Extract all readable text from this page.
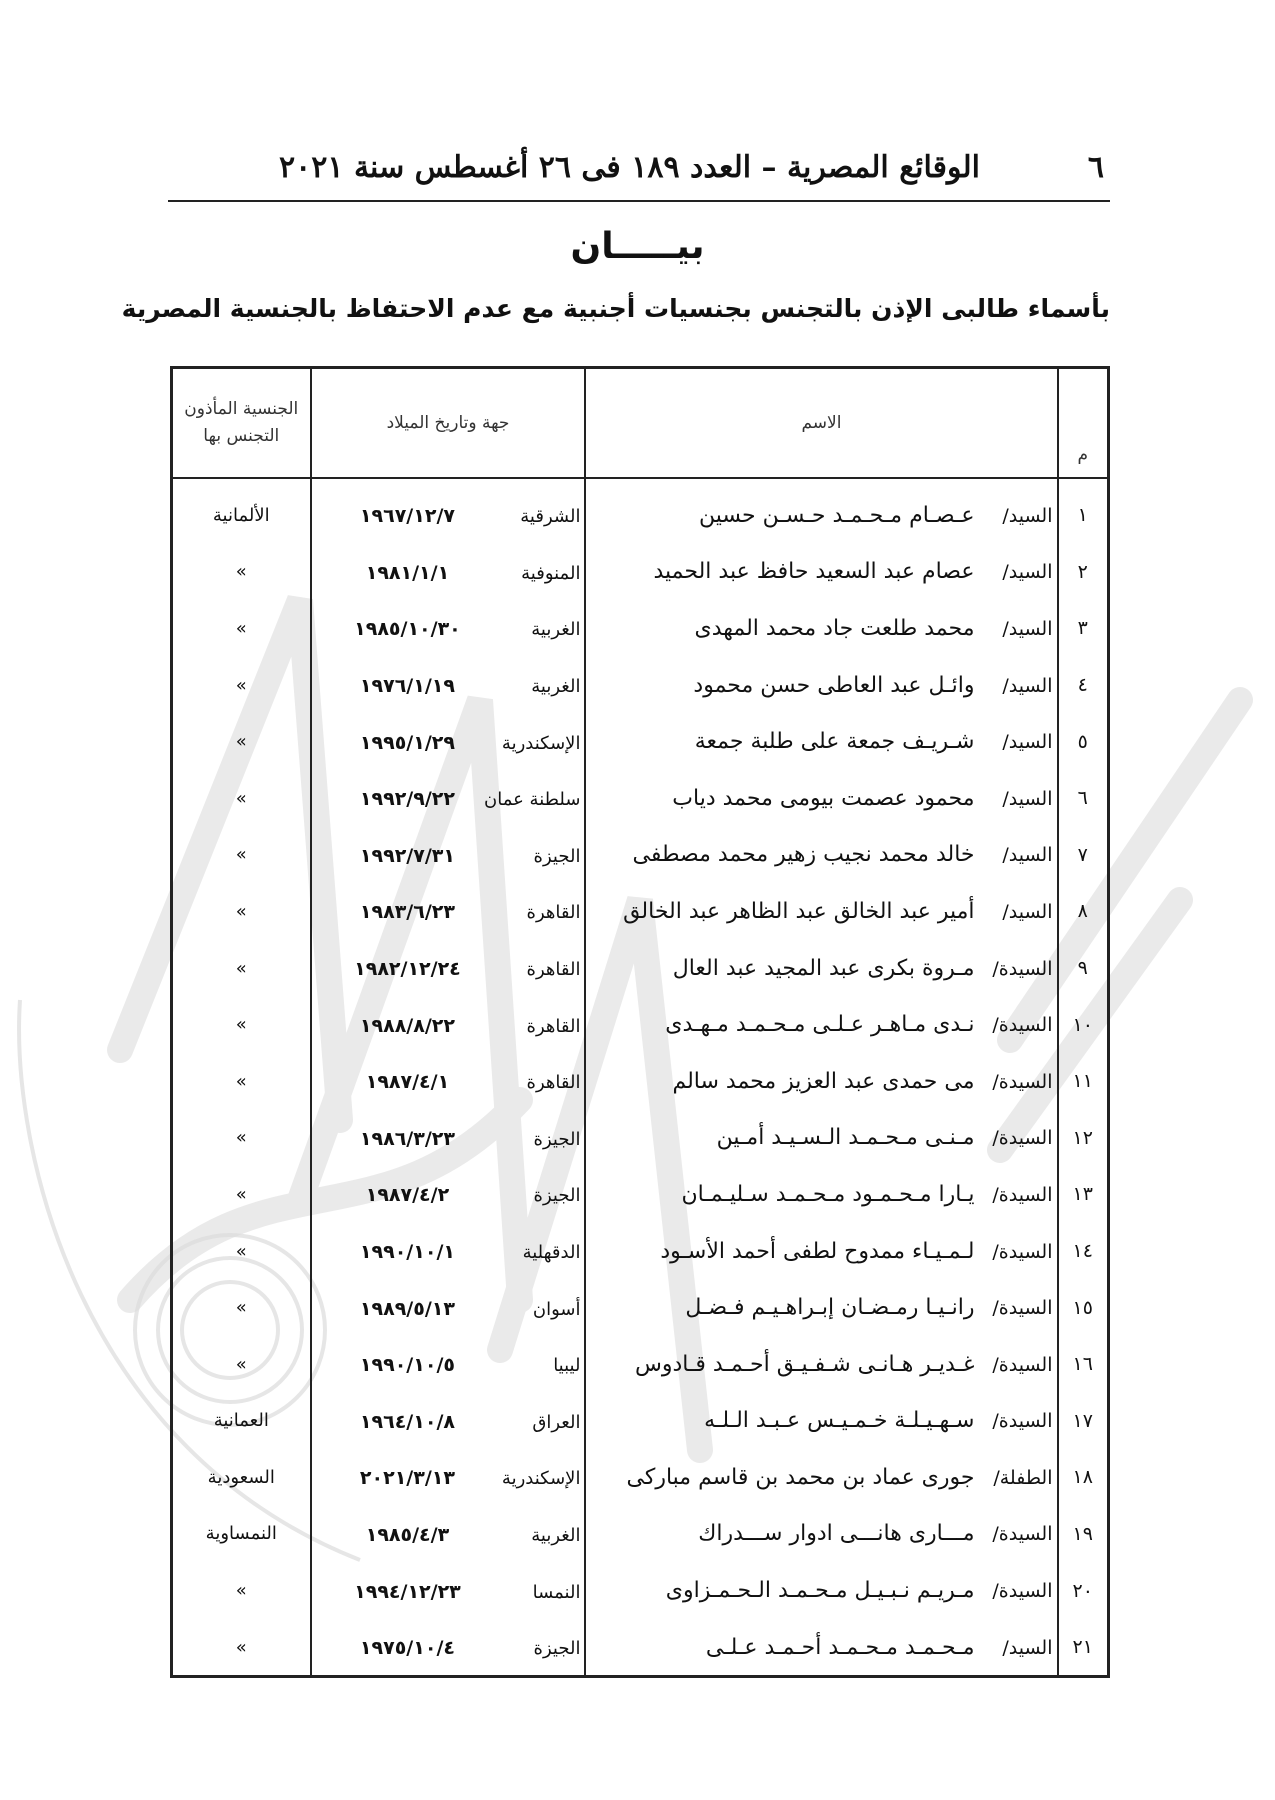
٦
الوقائع المصرية – العدد ١٨٩ فى ٢٦ أغسطس سنة ٢٠٢١
بيـــــان
بأسماء طالبى الإذن بالتجنس بجنسيات أجنبية مع عدم الاحتفاظ بالجنسية المصرية
م	الاسم	جهة وتاريخ الميلاد	الجنسية المأذون
التجنس بها

١	السيد/عـصـام مـحـمـد حـسـن حسين	الشرقية١٩٦٧/١٢/٧	الألمانية
٢	السيد/عصام عبد السعيد حافظ عبد الحميد	المنوفية١٩٨١/١/١	»
٣	السيد/محمد طلعت جاد محمد المهدى	الغربية١٩٨٥/١٠/٣٠	»
٤	السيد/وائـل عبد العاطى حسن محمود	الغربية١٩٧٦/١/١٩	»
٥	السيد/شـريـف جمعة على طلبة جمعة	الإسكندرية١٩٩٥/١/٢٩	»
٦	السيد/محمود عصمت بيومى محمد دياب	سلطنة عمان١٩٩٢/٩/٢٢	»
٧	السيد/خالد محمد نجيب زهير محمد مصطفى	الجيزة١٩٩٢/٧/٣١	»
٨	السيد/أمير عبد الخالق عبد الظاهر عبد الخالق	القاهرة١٩٨٣/٦/٢٣	»
٩	السيدة/مـروة بكرى عبد المجيد عبد العال	القاهرة١٩٨٢/١٢/٢٤	»
١٠	السيدة/نـدى مـاهـر عـلـى مـحـمـد مـهـدى	القاهرة١٩٨٨/٨/٢٢	»
١١	السيدة/مى حمدى عبد العزيز محمد سالم	القاهرة١٩٨٧/٤/١	»
١٢	السيدة/مـنـى مـحـمـد الـسـيـد أمـين	الجيزة١٩٨٦/٣/٢٣	»
١٣	السيدة/يـارا مـحـمـود مـحـمـد سـليـمـان	الجيزة١٩٨٧/٤/٢	»
١٤	السيدة/لـمـيـاء ممدوح لطفى أحمد الأسـود	الدقهلية١٩٩٠/١٠/١	»
١٥	السيدة/رانـيـا رمـضـان إبـراهـيـم فـضـل	أسوان١٩٨٩/٥/١٣	»
١٦	السيدة/غـديـر هـانـى شـفـيـق أحـمـد قـادوس	ليبيا١٩٩٠/١٠/٥	»
١٧	السيدة/سـهـيـلـة خـمـيـس عـبـد الـلـه	العراق١٩٦٤/١٠/٨	العمانية
١٨	الطفلة/جورى عماد بن محمد بن قاسم مباركى	الإسكندرية٢٠٢١/٣/١٣	السعودية
١٩	السيدة/مـــارى هانـــى ادوار ســـدراك	الغربية١٩٨٥/٤/٣	النمساوية
٢٠	السيدة/مـريـم نـبـيـل مـحـمـد الـحـمـزاوى	النمسا١٩٩٤/١٢/٢٣	»
٢١	السيد/مـحـمـد مـحـمـد أحـمـد عـلـى	الجيزة١٩٧٥/١٠/٤	»
